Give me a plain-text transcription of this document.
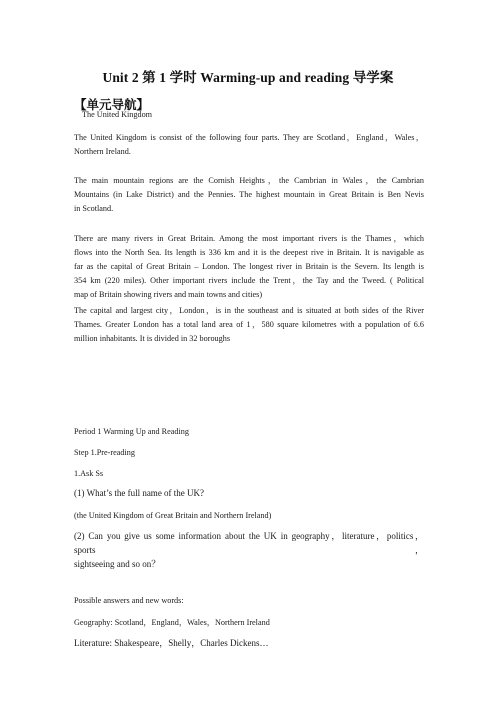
Unit 2 第 1 学时 Warming-up and reading 导学案
【单元导航】
The United Kingdom
The United Kingdom is consist of the following four parts. They are Scotland，England，Wales，
Northern Ireland.
The main mountain regions are the Cornish Heights，the Cambrian in Wales，the Cambrian
Mountains (in Lake District) and the Pennies. The highest mountain in Great Britain is Ben Nevis
in Scotland.
There are many rivers in Great Britain. Among the most important rivers is the Thames，which
flows into the North Sea. Its length is 336 km and it is the deepest rive in Britain. It is navigable as
far as the capital of Great Britain – London. The longest river in Britain is the Severn. Its length is
354 km (220 miles). Other important rivers include the Trent，the Tay and the Tweed. ( Political
map of Britain showing rivers and main towns and cities)
The capital and largest city，London，is in the southeast and is situated at both sides of the River
Thames. Greater London has a total land area of 1，580 square kilometres with a population of 6.6
million inhabitants. It is divided in 32 boroughs
Period 1 Warming Up and Reading
Step 1.Pre-reading
1.Ask Ss
(1) What’s the full name of the UK?
(the United Kingdom of Great Britain and Northern Ireland)
(2) Can you give us some information about the UK in geography，literature，politics，sports，
sightseeing and so on？
Possible answers and new words:
Geography: Scotland，England，Wales，Northern Ireland
Literature: Shakespeare，Shelly，Charles Dickens…
